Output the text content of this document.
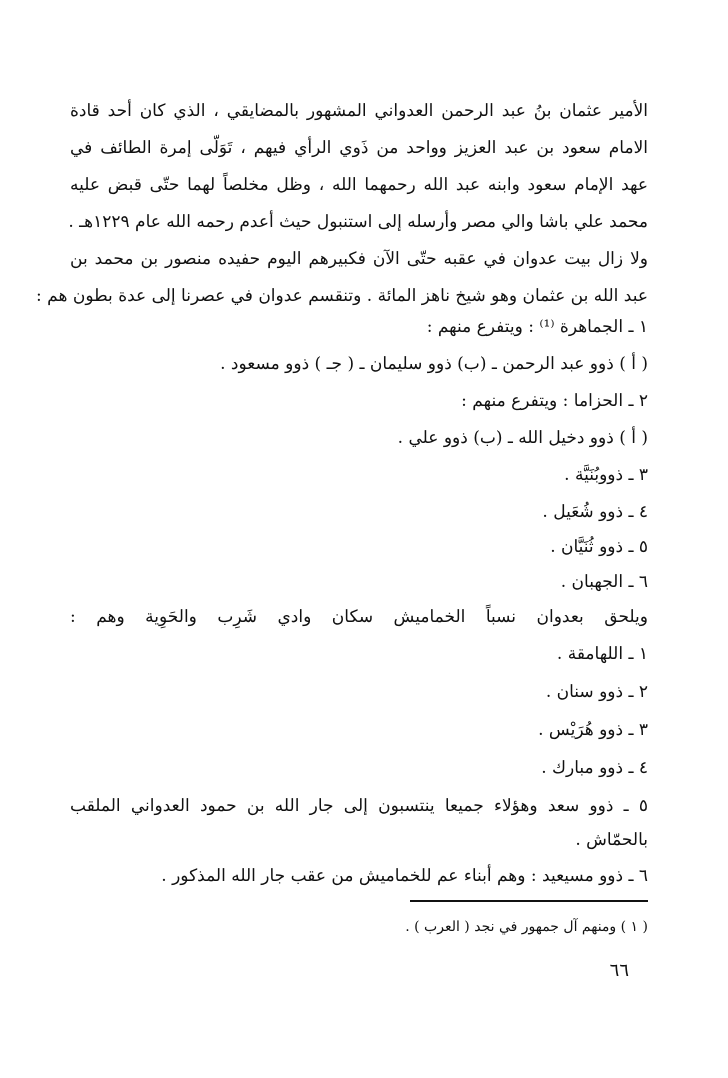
الأمير عثمان بنُ عبد الرحمن العدواني المشهور بالمضايقي ، الذي كان أحد قادة
الامام سعود بن عبد العزيز وواحد من ذَوي الرأي فيهم ، تَوَلّى إمرة الطائف في
عهد الإمام سعود وابنه عبد الله رحمهما الله ، وظل مخلصاً لهما حتّى قبض عليه
محمد علي باشا والي مصر وأرسله إلى استنبول حيث أعدم رحمه الله عام ١٢٢٩هـ .
ولا زال بيت عدوان في عقبه حتّى الآن فكبيرهم اليوم حفيده منصور بن محمد بن
عبد الله بن عثمان وهو شيخ ناهز المائة . وتنقسم عدوان في عصرنا إلى عدة بطون هم :
١ ـ الجماهرة ⁽¹⁾ : ويتفرع منهم :
( أ ) ذوو عبد الرحمن ـ (ب) ذوو سليمان ـ ( جـ ) ذوو مسعود .
٢ ـ الحزاما : ويتفرع منهم :
( أ ) ذوو دخيل الله ـ (ب) ذوو علي .
٣ ـ ذووبُنَيَّة .
٤ ـ ذوو شُعَيل .
٥ ـ ذوو ثُنَيَّان .
٦ ـ الجهبان .
ويلحق بعدوان نسباً الخماميش سكان وادي شَرِب والحَوِية وهم :
١ ـ اللهامقة .
٢ ـ ذوو سنان .
٣ ـ ذوو هُرَيْس .
٤ ـ ذوو مبارك .
٥ ـ ذوو سعد وهؤلاء جميعا ينتسبون إلى جار الله بن حمود العدواني الملقب
بالحمّاش .
٦ ـ ذوو مسيعيد : وهم أبناء عم للخماميش من عقب جار الله المذكور .
( ١ ) ومنهم آل جمهور في نجد ( العرب ) .
٦٦
